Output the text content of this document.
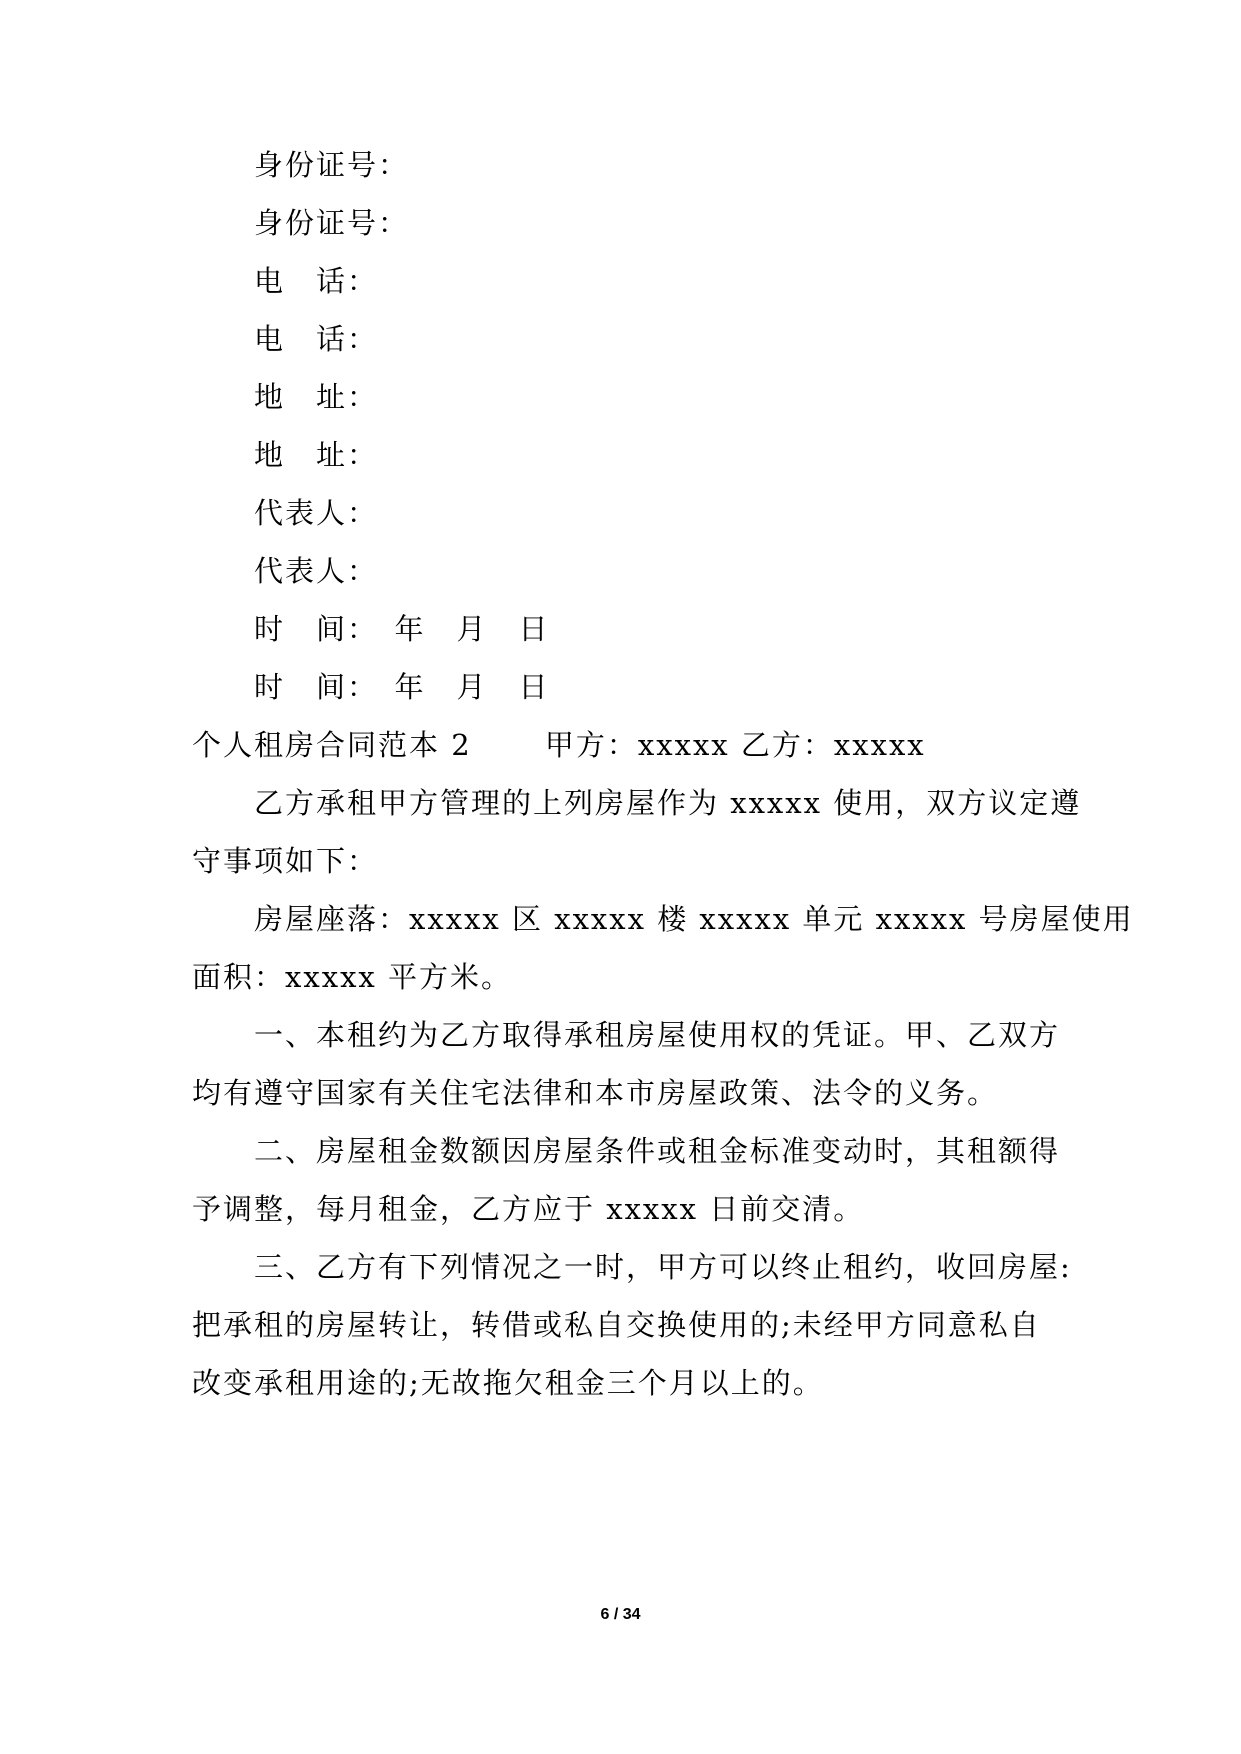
身份证号：
身份证号：
电　话：
电　话：
地　址：
地　址：
代表人：
代表人：
时　间：　年　月　日
时　间：　年　月　日
个人租房合同范本 2　　 甲方：xxxxx 乙方：xxxxx
乙方承租甲方管理的上列房屋作为 xxxxx 使用，双方议定遵
守事项如下：
房屋座落：xxxxx 区 xxxxx 楼 xxxxx 单元 xxxxx 号房屋使用
面积：xxxxx 平方米。
一、本租约为乙方取得承租房屋使用权的凭证。甲、乙双方
均有遵守国家有关住宅法律和本市房屋政策、法令的义务。
二、房屋租金数额因房屋条件或租金标准变动时，其租额得
予调整，每月租金，乙方应于 xxxxx 日前交清。
三、乙方有下列情况之一时，甲方可以终止租约，收回房屋:
把承租的房屋转让，转借或私自交换使用的;未经甲方同意私自
改变承租用途的;无故拖欠租金三个月以上的。
6 / 34
